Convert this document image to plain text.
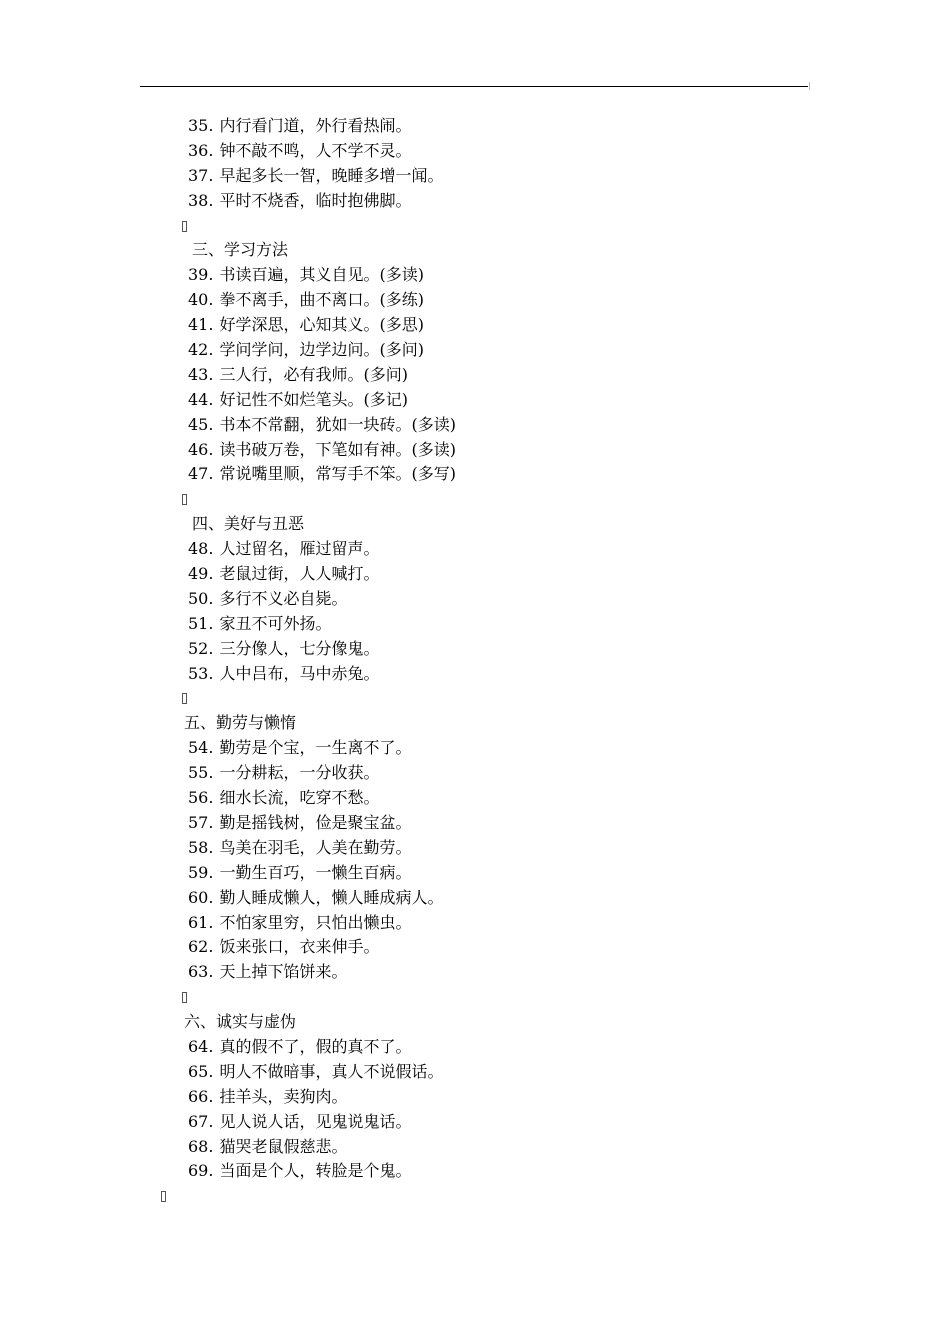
35. 内行看门道，外行看热闹。
36. 钟不敲不鸣，人不学不灵。
37. 早起多长一智，晚睡多增一闻。
38. 平时不烧香，临时抱佛脚。
三、学习方法
39. 书读百遍，其义自见。(多读)
40. 拳不离手，曲不离口。(多练)
41. 好学深思，心知其义。(多思)
42. 学问学问，边学边问。(多问)
43. 三人行，必有我师。(多问)
44. 好记性不如烂笔头。(多记)
45. 书本不常翻，犹如一块砖。(多读)
46. 读书破万卷，下笔如有神。(多读)
47. 常说嘴里顺，常写手不笨。(多写)
四、美好与丑恶
48. 人过留名，雁过留声。
49. 老鼠过街，人人喊打。
50. 多行不义必自毙。
51. 家丑不可外扬。
52. 三分像人，七分像鬼。
53. 人中吕布，马中赤兔。
五、勤劳与懒惰
54. 勤劳是个宝，一生离不了。
55. 一分耕耘，一分收获。
56. 细水长流，吃穿不愁。
57. 勤是摇钱树，俭是聚宝盆。
58. 鸟美在羽毛，人美在勤劳。
59. 一勤生百巧，一懒生百病。
60. 勤人睡成懒人，懒人睡成病人。
61. 不怕家里穷，只怕出懒虫。
62. 饭来张口，衣来伸手。
63. 天上掉下馅饼来。
六、诚实与虚伪
64. 真的假不了，假的真不了。
65. 明人不做暗事，真人不说假话。
66. 挂羊头，卖狗肉。
67. 见人说人话，见鬼说鬼话。
68. 猫哭老鼠假慈悲。
69. 当面是个人，转脸是个鬼。
